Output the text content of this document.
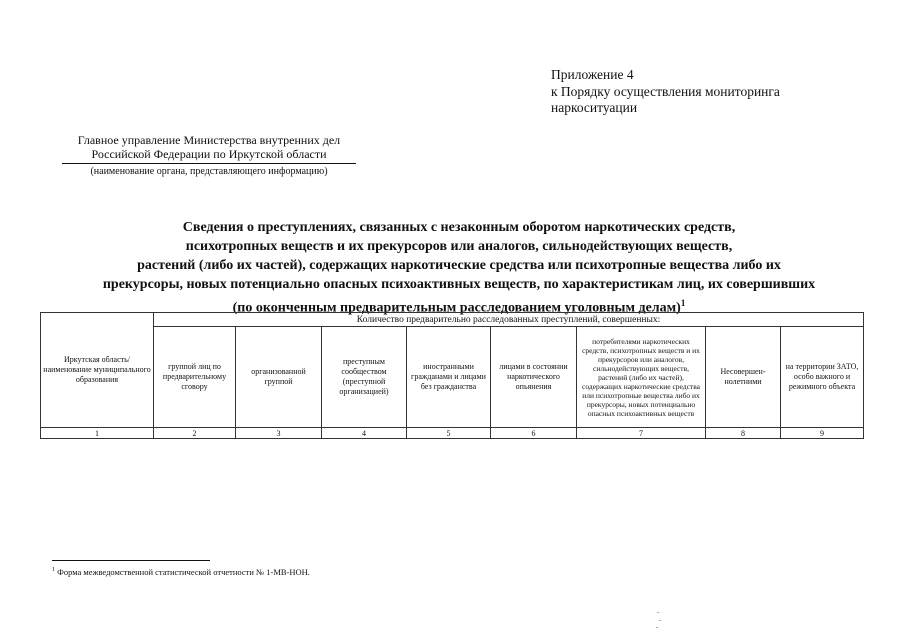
Приложение 4
к Порядку осуществления мониторинга
наркоситуации
Главное управление Министерства внутренних дел
Российской Федерации по Иркутской области
(наименование органа, представляющего информацию)
Сведения о преступлениях, связанных с незаконным оборотом наркотических средств,
психотропных веществ и их прекурсоров или аналогов, сильнодействующих веществ,
растений (либо их частей), содержащих наркотические средства или психотропные вещества либо их
прекурсоры, новых потенциально опасных психоактивных веществ, по характеристикам лиц, их совершивших
(по оконченным предварительным расследованием уголовным делам)$^1$
Иркутская область/ наименование муниципального образования	Количество предварительно расследованных преступлений, совершенных:							
	группой лиц по предварительному сговору	организованной группой	преступным сообществом (преступной организацией)	иностранными гражданами и лицами без гражданства	лицами в состоянии наркотического опьянения	потребителями наркотических средств, психотропных веществ и их прекурсоров или аналогов, сильнодействующих веществ, растений (либо их частей), содержащих наркотические средства или психотропные вещества либо их прекурсоры, новых потенциально опасных психоактивных веществ	Несовершен-нолетними	на территории ЗАТО, особо важного и режимного объекта
1	2	3	4	5	6	7	8	9
$^1$ Форма межведомственной статистической отчетности № 1-МВ-НОН.
